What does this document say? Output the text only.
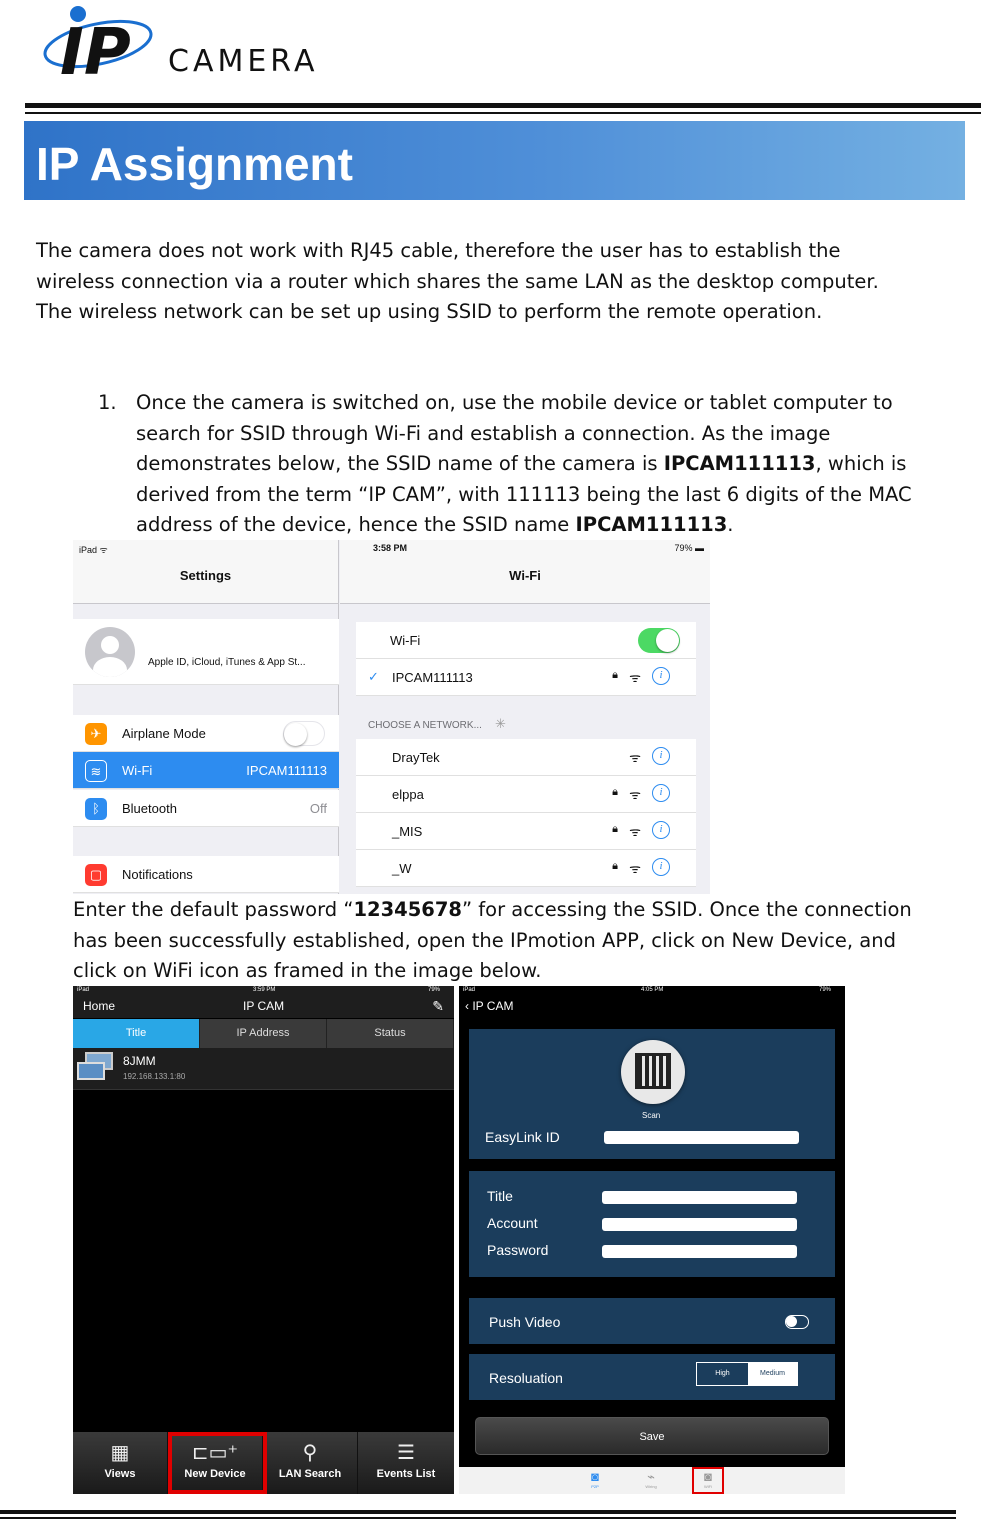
IP CAMERA
IP Assignment

The camera does not work with RJ45 cable, therefore the user has to establish the wireless connection via a router which shares the same LAN as the desktop computer. The wireless network can be set up using SSID to perform the remote operation.

1. Once the camera is switched on, use the mobile device or tablet computer to search for SSID through Wi-Fi and establish a connection. As the image demonstrates below, the SSID name of the camera is IPCAM111113, which is derived from the term “IP CAM”, with 111113 being the last 6 digits of the MAC address of the device, hence the SSID name IPCAM111113.

iPad ᯤ
Settings
Apple ID, iCloud, iTunes & App St...
✈	Airplane Mode
≋	Wi-Fi	IPCAM111113
ᛒ	Bluetooth	Off
▢	Notifications
3:58 PM	79% ▬
Wi-Fi
Wi-Fi
✓ IPCAM111113	🔒︎ ᯤ	i
CHOOSE A NETWORK... ✳
DrayTek	ᯤ	i
elppa	🔒︎ ᯤ	i
_MIS	🔒︎ ᯤ	i
_W	🔒︎ ᯤ	i

Enter the default password “12345678” for accessing the SSID. Once the connection has been successfully established, open the IPmotion APP, click on New Device, and click on WiFi icon as framed in the image below.

iPad	3:59 PM	79%
Home	IP CAM	✎
Title	IP Address	Status
8JMM
192.168.133.1:80
▦
Views
⊏▭⁺
New Device
⚲
LAN Search
☰
Events List
iPad	4:05 PM	79%
‹ IP CAM
Scan
EasyLink ID
Title
Account
Password
Push Video
Resoluation	High	Medium
Save
◙
P2P
⌁
Wiring
◙
WiFi
